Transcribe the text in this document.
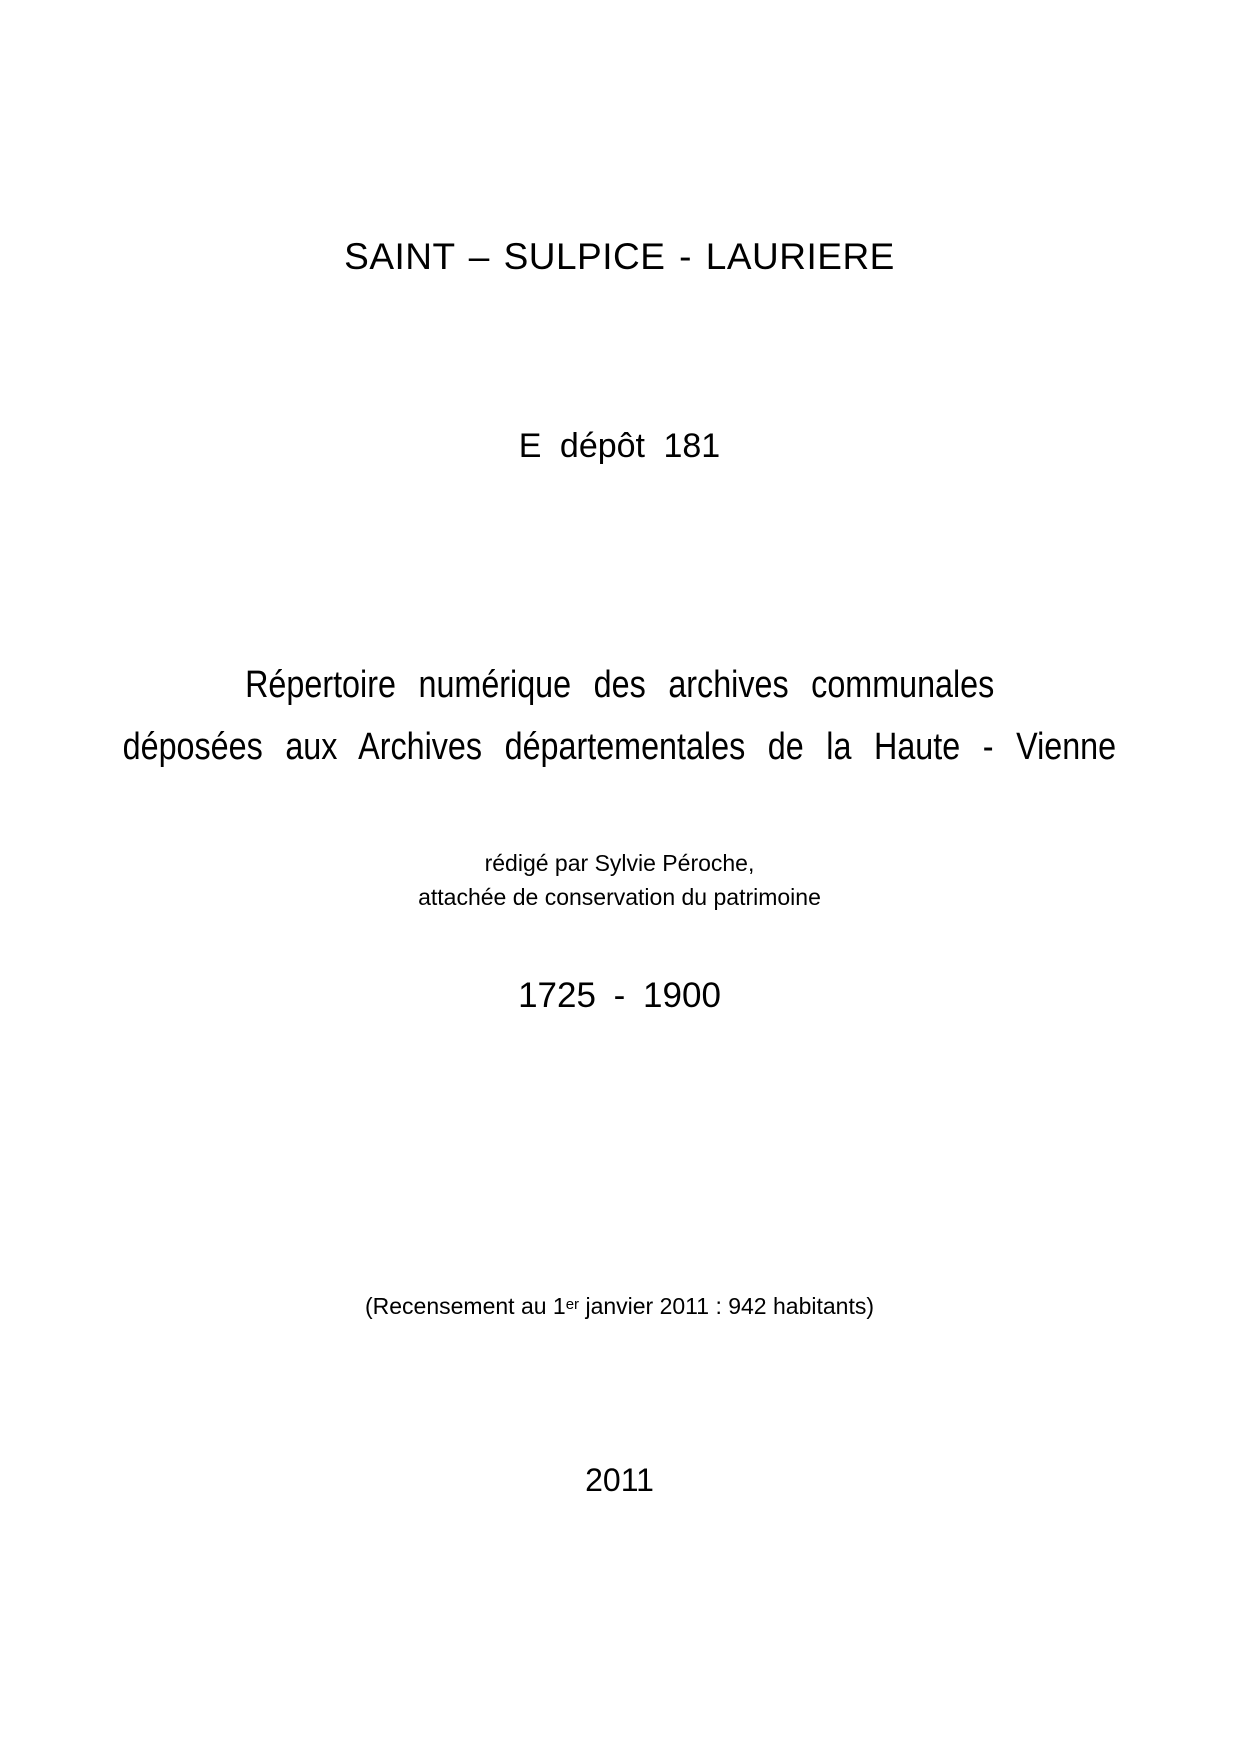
SAINT – SULPICE - LAURIERE
E dépôt 181
Répertoire numérique des archives communales
déposées aux Archives départementales de la Haute - Vienne
rédigé par Sylvie Péroche,
attachée de conservation du patrimoine
1725 - 1900
(Recensement au 1er janvier 2011 : 942 habitants)
2011
